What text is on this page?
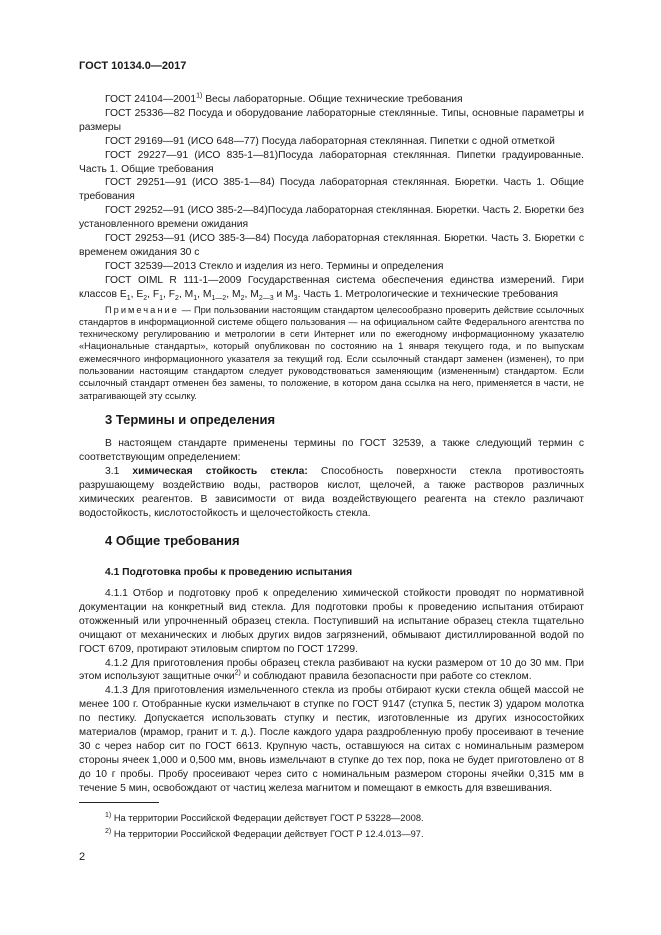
ГОСТ 10134.0—2017

ГОСТ 24104—2001$^{1)}$ Весы лабораторные. Общие технические требования

ГОСТ 25336—82 Посуда и оборудование лабораторные стеклянные. Типы, основные параметры и размеры

ГОСТ 29169—91 (ИСО 648—77) Посуда лабораторная стеклянная. Пипетки с одной отметкой

ГОСТ 29227—91 (ИСО 835-1—81)Посуда лабораторная стеклянная. Пипетки градуированные. Часть 1. Общие требования

ГОСТ 29251—91 (ИСО 385-1—84) Посуда лабораторная стеклянная. Бюретки. Часть 1. Общие требования

ГОСТ 29252—91 (ИСО 385-2—84)Посуда лабораторная стеклянная. Бюретки. Часть 2. Бюретки без установленного времени ожидания

ГОСТ 29253—91 (ИСО 385-3—84) Посуда лабораторная стеклянная. Бюретки. Часть 3. Бюретки с временем ожидания 30 с

ГОСТ 32539—2013 Стекло и изделия из него. Термины и определения

ГОСТ OIML R 111-1—2009 Государственная система обеспечения единства измерений. Гири классов $E_1$, $E_2$, $F_1$, $F_2$, $M_1$, $M_{1—2}$, $M_2$, $M_{2—3}$ и $M_3$. Часть 1. Метрологические и технические требования

Примечание — При пользовании настоящим стандартом целесообразно проверить действие ссылочных стандартов в информационной системе общего пользования — на официальном сайте Федерального агентства по техническому регулированию и метрологии в сети Интернет или по ежегодному информационному указателю «Национальные стандарты», который опубликован по состоянию на 1 января текущего года, и по выпускам ежемесячного информационного указателя за текущий год. Если ссылочный стандарт заменен (изменен), то при пользовании настоящим стандартом следует руководствоваться заменяющим (измененным) стандартом. Если ссылочный стандарт отменен без замены, то положение, в котором дана ссылка на него, применяется в части, не затрагивающей эту ссылку.

3 Термины и определения

В настоящем стандарте применены термины по ГОСТ 32539, а также следующий термин с соответствующим определением:

3.1 химическая стойкость стекла: Способность поверхности стекла противостоять разрушающему воздействию воды, растворов кислот, щелочей, а также растворов различных химических реагентов. В зависимости от вида воздействующего реагента на стекло различают водостойкость, кислотостойкость и щелочестойкость стекла.

4 Общие требования
4.1 Подготовка пробы к проведению испытания

4.1.1 Отбор и подготовку проб к определению химической стойкости проводят по нормативной документации на конкретный вид стекла. Для подготовки пробы к проведению испытания отбирают отожженный или упрочненный образец стекла. Поступивший на испытание образец стекла тщательно очищают от механических и любых других видов загрязнений, обмывают дистиллированной водой по ГОСТ 6709, протирают этиловым спиртом по ГОСТ 17299.

4.1.2 Для приготовления пробы образец стекла разбивают на куски размером от 10 до 30 мм. При этом используют защитные очки$^{2)}$ и соблюдают правила безопасности при работе со стеклом.

4.1.3 Для приготовления измельченного стекла из пробы отбирают куски стекла общей массой не менее 100 г. Отобранные куски измельчают в ступке по ГОСТ 9147 (ступка 5, пестик 3) ударом молотка по пестику. Допускается использовать ступку и пестик, изготовленные из других износостойких материалов (мрамор, гранит и т. д.). После каждого удара раздробленную пробу просеивают в течение 30 с через набор сит по ГОСТ 6613. Крупную часть, оставшуюся на ситах с номинальным размером стороны ячеек 1,000 и 0,500 мм, вновь измельчают в ступке до тех пор, пока не будет приготовлено от 8 до 10 г пробы. Пробу просеивают через сито с номинальным размером стороны ячейки 0,315 мм в течение 5 мин, освобождают от частиц железа магнитом и помещают в емкость для взвешивания.

$^{1)}$ На территории Российской Федерации действует ГОСТ Р 53228—2008.

$^{2)}$ На территории Российской Федерации действует ГОСТ Р 12.4.013—97.

2
